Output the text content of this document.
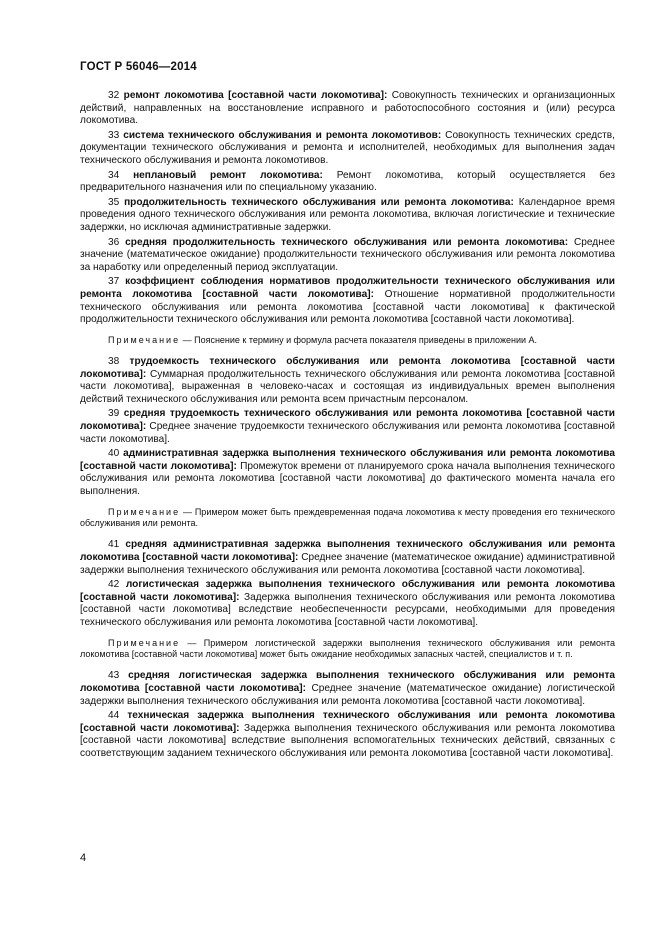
ГОСТ Р 56046—2014

32 ремонт локомотива [составной части локомотива]: Совокупность технических и организационных действий, направленных на восстановление исправного и работоспособного состояния и (или) ресурса локомотива.

33 система технического обслуживания и ремонта локомотивов: Совокупность технических средств, документации технического обслуживания и ремонта и исполнителей, необходимых для выполнения задач технического обслуживания и ремонта локомотивов.

34 неплановый ремонт локомотива: Ремонт локомотива, который осуществляется без предварительного назначения или по специальному указанию.

35 продолжительность технического обслуживания или ремонта локомотива: Календарное время проведения одного технического обслуживания или ремонта локомотива, включая логистические и технические задержки, но исключая административные задержки.

36 средняя продолжительность технического обслуживания или ремонта локомотива: Среднее значение (математическое ожидание) продолжительности технического обслуживания или ремонта локомотива за наработку или определенный период эксплуатации.

37 коэффициент соблюдения нормативов продолжительности технического обслуживания или ремонта локомотива [составной части локомотива]: Отношение нормативной продолжительности технического обслуживания или ремонта локомотива [составной части локомотива] к фактической продолжительности технического обслуживания или ремонта локомотива [составной части локомотива].

Примечание — Пояснение к термину и формула расчета показателя приведены в приложении А.

38 трудоемкость технического обслуживания или ремонта локомотива [составной части локомотива]: Суммарная продолжительность технического обслуживания или ремонта локомотива [составной части локомотива], выраженная в человеко-часах и состоящая из индивидуальных времен выполнения действий технического обслуживания или ремонта всем причастным персоналом.

39 средняя трудоемкость технического обслуживания или ремонта локомотива [составной части локомотива]: Среднее значение трудоемкости технического обслуживания или ремонта локомотива [составной части локомотива].

40 административная задержка выполнения технического обслуживания или ремонта локомотива [составной части локомотива]: Промежуток времени от планируемого срока начала выполнения технического обслуживания или ремонта локомотива [составной части локомотива] до фактического момента начала его выполнения.

Примечание — Примером может быть преждевременная подача локомотива к месту проведения его технического обслуживания или ремонта.

41 средняя административная задержка выполнения технического обслуживания или ремонта локомотива [составной части локомотива]: Среднее значение (математическое ожидание) административной задержки выполнения технического обслуживания или ремонта локомотива [составной части локомотива].

42 логистическая задержка выполнения технического обслуживания или ремонта локомотива [составной части локомотива]: Задержка выполнения технического обслуживания или ремонта локомотива [составной части локомотива] вследствие необеспеченности ресурсами, необходимыми для проведения технического обслуживания или ремонта локомотива [составной части локомотива].

Примечание — Примером логистической задержки выполнения технического обслуживания или ремонта локомотива [составной части локомотива] может быть ожидание необходимых запасных частей, специалистов и т. п.

43 средняя логистическая задержка выполнения технического обслуживания или ремонта локомотива [составной части локомотива]: Среднее значение (математическое ожидание) логистической задержки выполнения технического обслуживания или ремонта локомотива [составной части локомотива].

44 техническая задержка выполнения технического обслуживания или ремонта локомотива [составной части локомотива]: Задержка выполнения технического обслуживания или ремонта локомотива [составной части локомотива] вследствие выполнения вспомогательных технических действий, связанных с соответствующим заданием технического обслуживания или ремонта локомотива [составной части локомотива].

4
